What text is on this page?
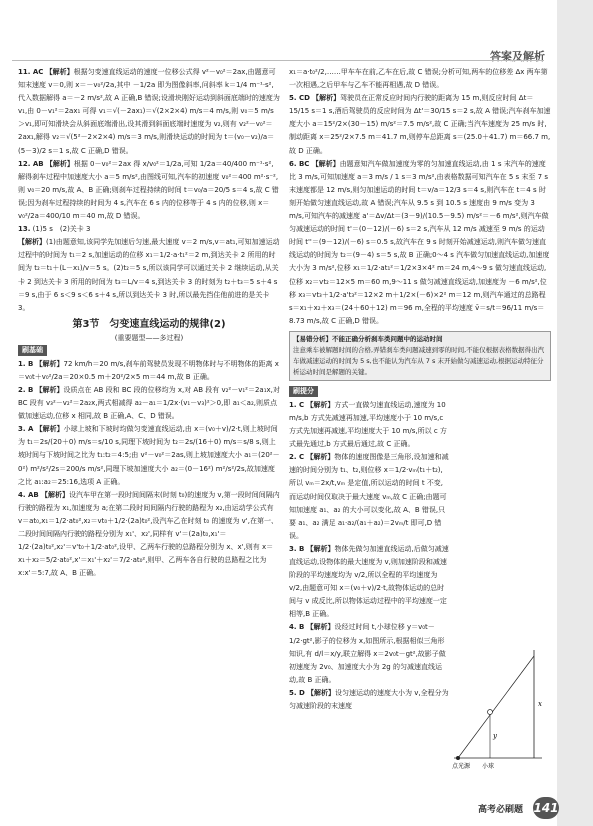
答案及解析

11. AC 【解析】根据匀变速直线运动的速度一位移公式得 v²－v₀²＝2ax,由题意可知末速度 v＝0,则 x＝－v₀²/2a,其中 －1/2a 即为图像斜率,问斜率 k＝1/4 m⁻¹·s²,代入数据解得 a＝－2 m/s²,故 A 正确,B 错误;设滑块刚好运动到斜面底端时的速度为 v₁,由 0－v₁²＝2ax₁ 可得 v₁＝√(－2ax₁)＝√(2×2×4) m/s＝4 m/s,则 v₀＝5 m/s＞v₁,即可知滑块会从斜面底端滑出,设其滑到斜面底端时速度为 v₂,则有 v₂²－v₀²＝2ax₁,解得 v₂＝√(5²－2×2×4) m/s＝3 m/s,则滑块运动的时间为 t＝(v₀－v₂)/a＝(5－3)/2 s＝1 s,故 C 正确,D 错误。

12. AB 【解析】根据 0－v₀²＝2ax 得 x/v₀²＝1/2a,可知 1/2a＝40/400 m⁻¹·s²,解得刹车过程中加速度大小 a＝5 m/s²,由图线可知,汽车的初速度 v₀²＝400 m²·s⁻²,则 v₀＝20 m/s,故 A、B 正确;则刹车过程持续的时间 t＝v₀/a＝20/5 s＝4 s,故 C 错误;因为刹车过程持续的时间为 4 s,汽车在 6 s 内的位移等于 4 s 内的位移,则 x＝v₀²/2a＝400/10 m＝40 m,故 D 错误。

13. (1)5 s　(2)关卡 3

【解析】(1)由题意知,该同学先加速后匀速,最大速度 v＝2 m/s,v＝at₁,可知加速运动过程中的时间为 t₁＝2 s,加速运动的位移 x₁＝1/2·a·t₁²＝2 m,到达关卡 2 所用的时间为 t₂＝t₁＋(L－x₁)/v＝5 s。(2)t₂＝5 s,所以该同学可以通过关卡 2 继续运动,从关卡 2 到达关卡 3 所用的时间为 t₃＝L/v＝4 s,到达关卡 3 的时刻为 t₂＋t₃＝5 s＋4 s＝9 s,由于 6 s＜9 s＜6 s＋4 s,所以到达关卡 3 时,所以最先挡住他前进的是关卡 3。

第3节　匀变速直线运动的规律(2)
(重要题型——多过程)
刷基础

1. B 【解析】72 km/h＝20 m/s,刹车前驾驶员发现不明物体时与不明物体的距离 x＝v₀t＋v₀²/2a＝20×0.5 m＋20²/2×5 m＝44 m,故 B 正确。

2. B 【解析】设质点在 AB 段和 BC 段的位移均为 x,对 AB 段有 v₂²－v₁²＝2a₁x,对 BC 段有 v₃²－v₂²＝2a₂x,两式相减得 a₂－a₁＝1/2x·(v₁－v₃)²＞0,即 a₁＜a₂,则质点做加速运动,位移 x 相同,故 B 正确,A、C、D 错误。

3. A 【解析】小球上坡和下坡时均做匀变速直线运动,由 x＝(v₀＋v)/2·t,则上坡时间为 t₁＝2s/(20＋0) m/s＝s/10 s,同理下坡时间为 t₂＝2s/(16＋0) m/s＝s/8 s,则上坡时间与下坡时间之比为 t₁:t₂＝4:5;由 v²－v₀²＝2as,则上坡加速度大小 a₁＝(20²－0²) m²/s²/2s＝200/s m/s²,同理下坡加速度大小 a₂＝(0－16²) m²/s²/2s,故加速度之比 a₁:a₂＝25:16,选项 A 正确。

4. AB 【解析】设汽车甲在第一段时间间隔末(时刻 t₀)的速度为 v,第一段时间间隔内行驶的路程为 x₁,加速度为 a;在第二段时间间隔内行驶的路程为 x₂,由运动学公式有 v＝at₀,x₁＝1/2·at₀²,x₂＝vt₀＋1/2·(2a)t₀²,设汽车乙在时刻 t₀ 的速度为 v',在第一、二段时间间隔内行驶的路程分别为 x₁'、x₂',同样有 v'＝(2a)t₀,x₁'＝1/2·(2a)t₀²,x₂'＝v't₀＋1/2·at₀²,设甲、乙两车行驶的总路程分别为 x、x',则有 x＝x₁＋x₂＝5/2·at₀²,x'＝x₁'＋x₂'＝7/2·at₀²,则甲、乙两车各自行驶的总路程之比为 x:x'＝5:7,故 A、B 正确。

x₁＝a·t₀²/2,……甲车车在前,乙车在后,故 C 错误;分析可知,两车的位移差 Δx 两车第一次相遇,之后甲车与乙车不能再相遇,故 D 错误。

5. CD 【解析】驾驶员在正常反应时间内行驶的距离为 15 m,则反应时间 Δt＝15/15 s＝1 s,酒后驾驶员的反应时间为 Δt'＝30/15 s＝2 s,故 A 错误;汽车刹车加速度大小 a＝15²/2×(30－15) m/s²＝7.5 m/s²,故 C 正确;当汽车速度为 25 m/s 时,制动距离 x＝25²/2×7.5 m＝41.7 m,则停车总距离 s＝(25.0＋41.7) m＝66.7 m,故 D 正确。

6. BC 【解析】由题意知汽车做加速度为零的匀加速直线运动,由 1 s 末汽车的速度比 3 m/s,可知加速度 a＝3 m/s / 1 s＝3 m/s²,由表格数据可知汽车在 5 s 末至 7 s 末速度都是 12 m/s,则匀加速运动的时间 t＝v/a＝12/3 s＝4 s,则汽车在 t＝4 s 时刻开始做匀速直线运动,故 A 错误;汽车从 9.5 s 到 10.5 s 速度由 9 m/s 变为 3 m/s,可知汽车的减速度 a'＝Δv/Δt＝(3－9)/(10.5－9.5) m/s²＝－6 m/s²,则汽车做匀减速运动的时间 t'＝(0－12)/(－6) s＝2 s,汽车从 12 m/s 减速至 9 m/s 的运动时间 t''＝(9－12)/(－6) s＝0.5 s,故汽车在 9 s 时刻开始减速运动,则汽车做匀速直线运动的时间为 t₂＝(9－4) s＝5 s,故 B 正确;0～4 s 汽车做匀加速直线运动,加速度大小为 3 m/s²,位移 x₁＝1/2·at₁²＝1/2×3×4² m＝24 m,4～9 s 做匀速直线运动,位移 x₂＝vt₂＝12×5 m＝60 m,9～11 s 做匀减速直线运动,加速度为 －6 m/s²,位移 x₃＝vt₃＋1/2·a't₃²＝12×2 m＋1/2×(－6)×2² m＝12 m,则汽车通过的总路程 s＝x₁＋x₂＋x₃＝(24＋60＋12) m＝96 m,全程的平均速度 v̄＝s/t＝96/11 m/s＝8.73 m/s,故 C 正确,D 错误。

【易错分析】不能正确分析刹车类问题中的运动时间
注意乘车被解题时间的合格,弄错刹车类问题减速到零的时间,不能仅根据表格数据得出汽车做减速运动的时间为 5 s,也不能认为汽车从 7 s 末开始做匀减速运动,根据运动特征分析运动时间是解题的关键。
刷提分

1. C 【解析】方式一直做匀速直线运动,速度为 10 m/s,b 方式先减速再加速,平均速度小于 10 m/s,c 方式先加速再减速,平均速度大于 10 m/s,所以 c 方式最先通过,b 方式最后通过,故 C 正确。

2. C 【解析】物体的速度图像是三角形,设加速和减速的时间分别为 t₁、t₂,则位移 x＝1/2·vₘ(t₁＋t₂),所以 vₘ＝2x/t,vₘ 是定值,所以运动的时间 t 不变,而运动时间仅取决于最大速度 vₘ,故 C 正确;由题可知加速度 a₁、a₂ 的大小可以变化,故 A、B 错误,只要 a₁、a₂ 满足 a₁·a₂/(a₁＋a₂)＝2vₘ/t 即可,D 错误。

3. B 【解析】物体先做匀加速直线运动,后做匀减速直线运动,设物体的最大速度为 v,则加速阶段和减速阶段的平均速度均为 v/2,所以全程的平均速度为 v/2,由题意可知 x＝(v₀＋v)/2·t,故物体运动的总时间与 v 成反比,所以物体运动过程中的平均速度一定相等,B 正确。

4. B 【解析】设经过时间 t,小球位移 y＝v₀t－1/2·gt²,影子的位移为 x,如图所示,根据相似三角形知识,有 d/l＝x/y,联立解得 x＝2v₀t－gt²,故影子做初速度为 2v₀、加速度大小为 2g 的匀减速直线运动,故 B 正确。

5. D 【解析】设匀速运动的速度大小为 v,全程分为匀减速阶段的末速度	x
y
点光源 小球
高考必刷题 141
